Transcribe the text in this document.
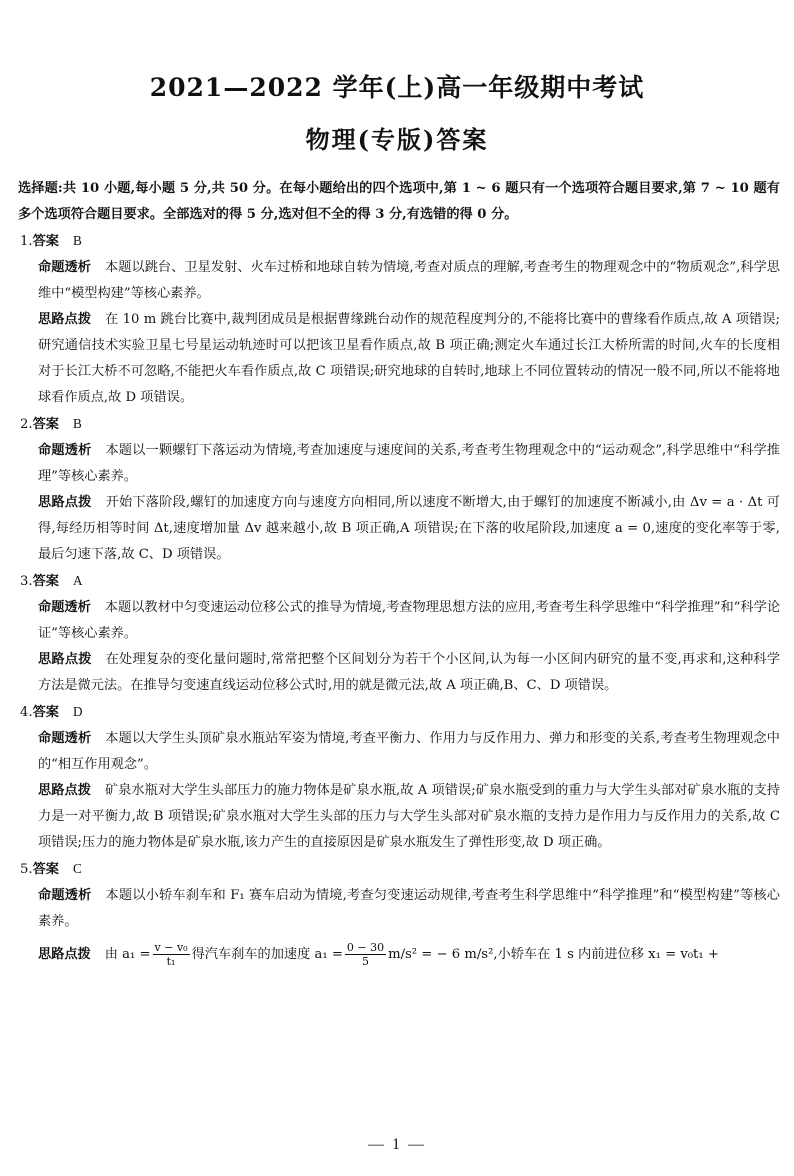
2021—2022 学年(上)高一年级期中考试
物理(专版)答案
选择题:共 10 小题,每小题 5 分,共 50 分。在每小题给出的四个选项中,第 1 ~ 6 题只有一个选项符合题目要求,第 7 ~ 10 题有多个选项符合题目要求。全部选对的得 5 分,选对但不全的得 3 分,有选错的得 0 分。
1.答案 B
命题透析 本题以跳台、卫星发射、火车过桥和地球自转为情境,考查对质点的理解,考查考生的物理观念中的“物质观念”,科学思维中“模型构建”等核心素养。
思路点拨 在 10 m 跳台比赛中,裁判团成员是根据曹缘跳台动作的规范程度判分的,不能将比赛中的曹缘看作质点,故 A 项错误;研究通信技术实验卫星七号星运动轨迹时可以把该卫星看作质点,故 B 项正确;测定火车通过长江大桥所需的时间,火车的长度相对于长江大桥不可忽略,不能把火车看作质点,故 C 项错误;研究地球的自转时,地球上不同位置转动的情况一般不同,所以不能将地球看作质点,故 D 项错误。
2.答案 B
命题透析 本题以一颗螺钉下落运动为情境,考查加速度与速度间的关系,考查考生物理观念中的“运动观念”,科学思维中“科学推理”等核心素养。
思路点拨 开始下落阶段,螺钉的加速度方向与速度方向相同,所以速度不断增大,由于螺钉的加速度不断减小,由 Δv = a · Δt 可得,每经历相等时间 Δt,速度增加量 Δv 越来越小,故 B 项正确,A 项错误;在下落的收尾阶段,加速度 a = 0,速度的变化率等于零,最后匀速下落,故 C、D 项错误。
3.答案 A
命题透析 本题以教材中匀变速运动位移公式的推导为情境,考查物理思想方法的应用,考查考生科学思维中“科学推理”和“科学论证”等核心素养。
思路点拨 在处理复杂的变化量问题时,常常把整个区间划分为若干个小区间,认为每一小区间内研究的量不变,再求和,这种科学方法是微元法。在推导匀变速直线运动位移公式时,用的就是微元法,故 A 项正确,B、C、D 项错误。
4.答案 D
命题透析 本题以大学生头顶矿泉水瓶站军姿为情境,考查平衡力、作用力与反作用力、弹力和形变的关系,考查考生物理观念中的“相互作用观念”。
思路点拨 矿泉水瓶对大学生头部压力的施力物体是矿泉水瓶,故 A 项错误;矿泉水瓶受到的重力与大学生头部对矿泉水瓶的支持力是一对平衡力,故 B 项错误;矿泉水瓶对大学生头部的压力与大学生头部对矿泉水瓶的支持力是作用力与反作用力的关系,故 C 项错误;压力的施力物体是矿泉水瓶,该力产生的直接原因是矿泉水瓶发生了弹性形变,故 D 项正确。
5.答案 C
命题透析 本题以小轿车刹车和 F₁ 赛车启动为情境,考查匀变速运动规律,考查考生科学思维中“科学推理”和“模型构建”等核心素养。
思路点拨 由 $a_1 = \frac{\text{v − v₀}}{\text{t₁}}$ 得汽车刹车的加速度 $a_1 = \frac{0 - 30}{5} m/s^2$ = − 6 m/s²,小轿车在 1 s 内前进位移 x₁ = v₀t₁ +
— 1 —
